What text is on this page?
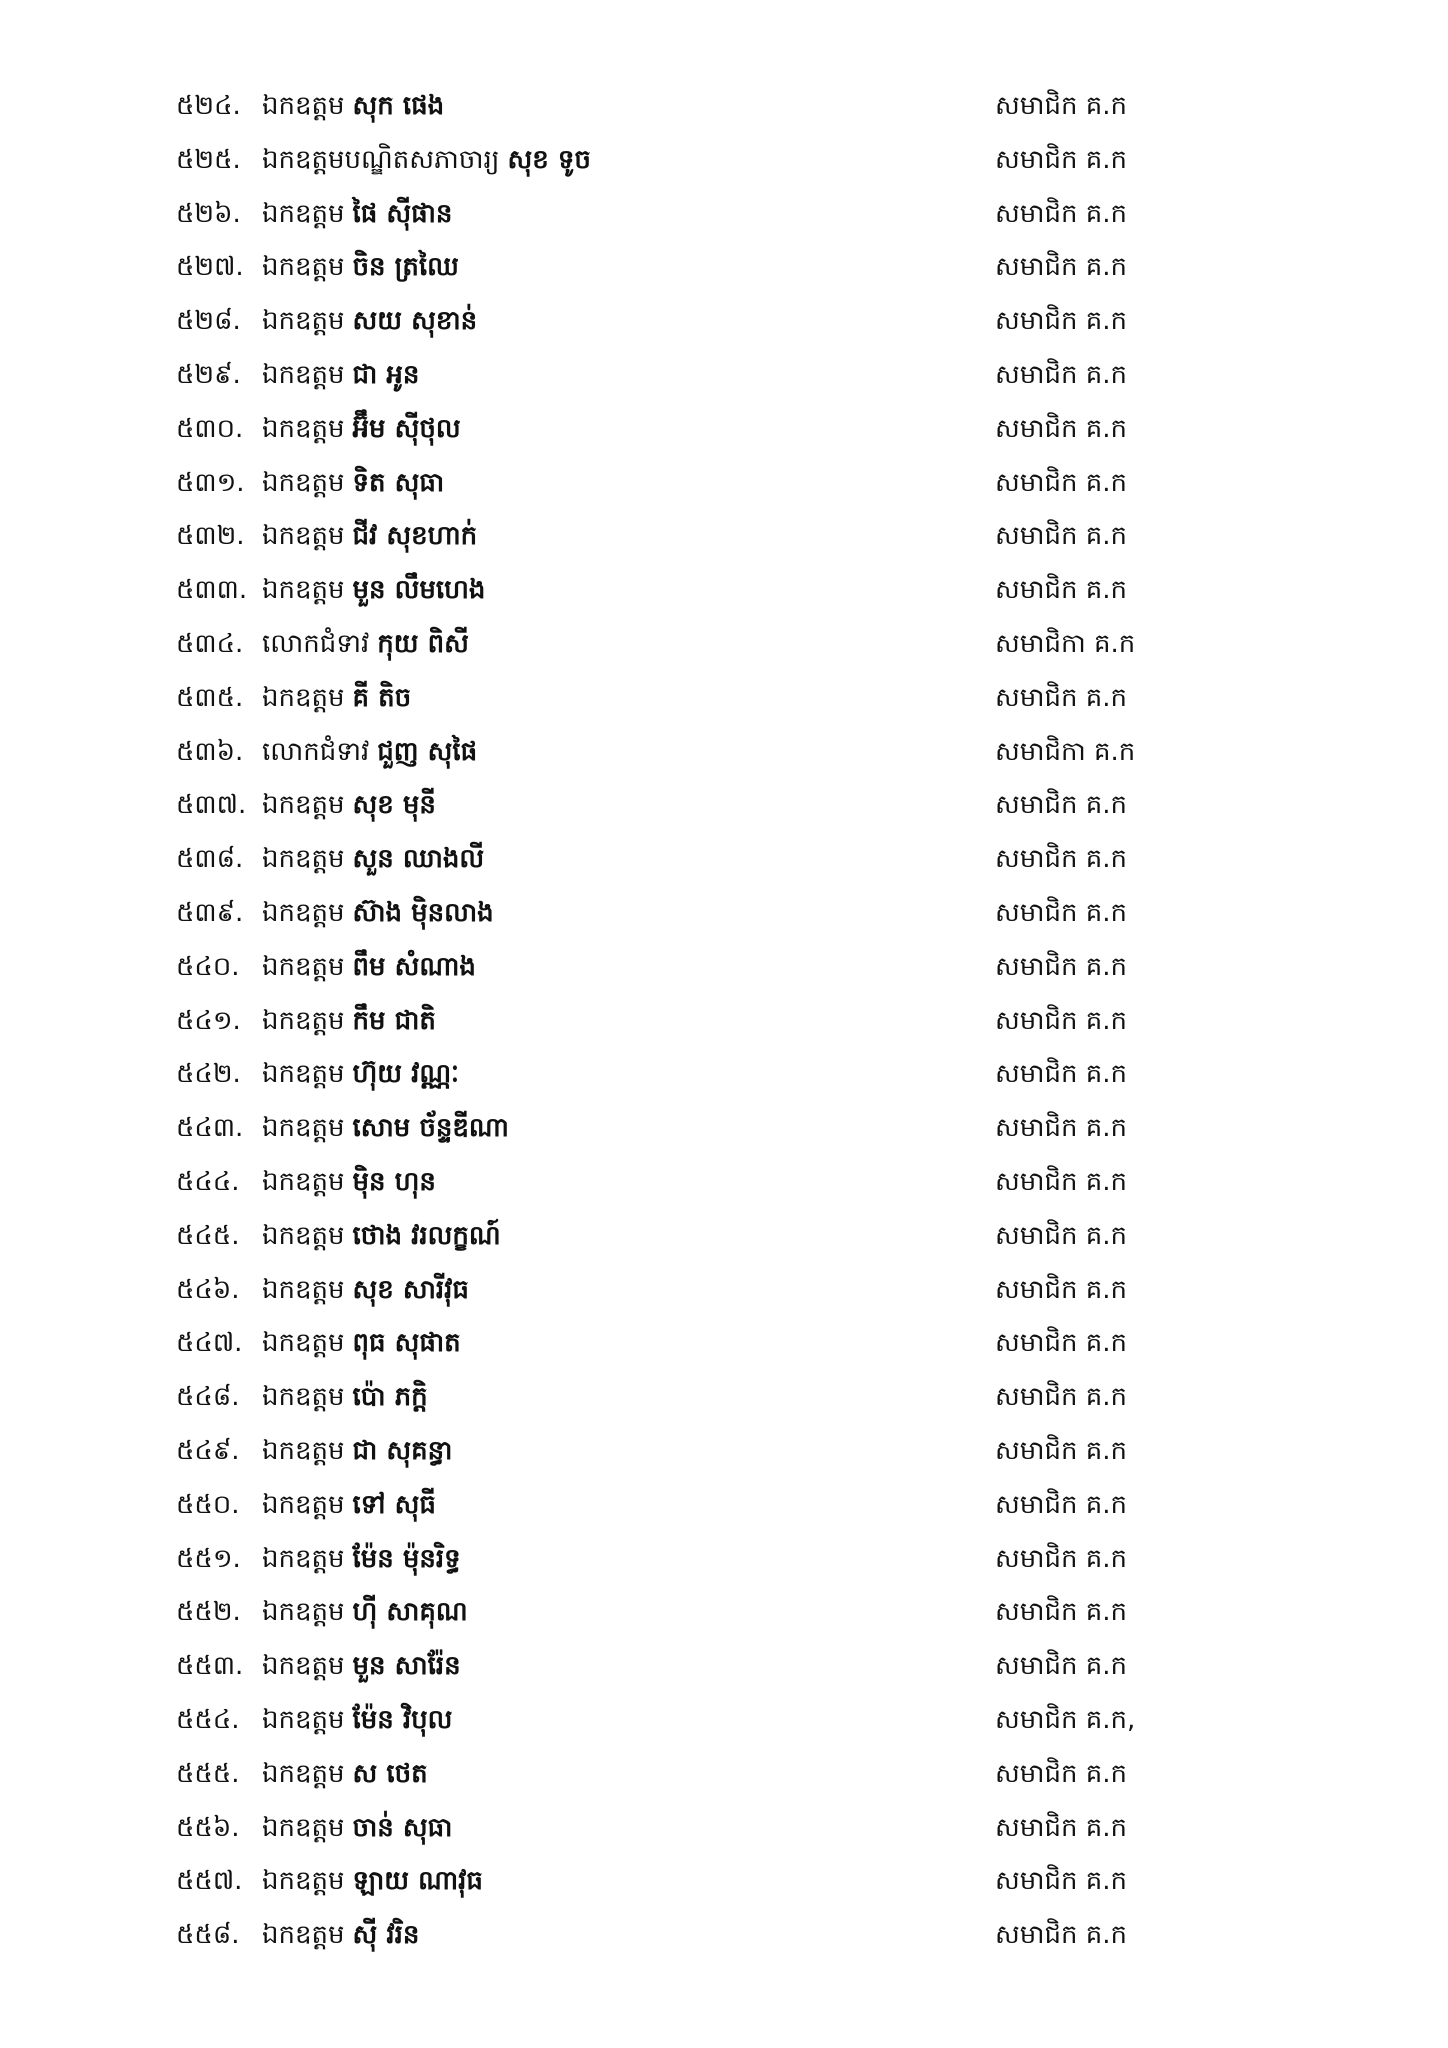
៥២៤. ឯកឧត្តម សុក ផេង	សមាជិក គ.ក
៥២៥. ឯកឧត្តមបណ្ឌិតសភាចារ្យ សុខ ទូច	សមាជិក គ.ក
៥២៦. ឯកឧត្តម ផៃ ស៊ីផាន	សមាជិក គ.ក
៥២៧. ឯកឧត្តម ចិន ត្រឈៃ	សមាជិក គ.ក
៥២៨. ឯកឧត្តម សយ សុខាន់	សមាជិក គ.ក
៥២៩. ឯកឧត្តម ជា អូន	សមាជិក គ.ក
៥៣០. ឯកឧត្តម អ៊ឹម ស៊ីថុល	សមាជិក គ.ក
៥៣១. ឯកឧត្តម ទិត សុធា	សមាជិក គ.ក
៥៣២. ឯកឧត្តម ជីវ សុខហាក់	សមាជិក គ.ក
៥៣៣. ឯកឧត្តម មួន លឹមហេង	សមាជិក គ.ក
៥៣៤. លោកជំទាវ កុយ ពិសី	សមាជិកា គ.ក
៥៣៥. ឯកឧត្តម គី តិច	សមាជិក គ.ក
៥៣៦. លោកជំទាវ ជួញ សុផៃ	សមាជិកា គ.ក
៥៣៧. ឯកឧត្តម សុខ មុនី	សមាជិក គ.ក
៥៣៨. ឯកឧត្តម សួន ឈាងលី	សមាជិក គ.ក
៥៣៩. ឯកឧត្តម ស៊ាង ម៉ិនលាង	សមាជិក គ.ក
៥៤០. ឯកឧត្តម ពឹម សំណាង	សមាជិក គ.ក
៥៤១. ឯកឧត្តម កឹម ជាតិ	សមាជិក គ.ក
៥៤២. ឯកឧត្តម ហ៊ុយ វណ្ណៈ	សមាជិក គ.ក
៥៤៣. ឯកឧត្តម សោម ច័ន្ទឌីណា	សមាជិក គ.ក
៥៤៤. ឯកឧត្តម ម៉ិន ហុន	សមាជិក គ.ក
៥៤៥. ឯកឧត្តម ថោង វរលក្ខណ៍	សមាជិក គ.ក
៥៤៦. ឯកឧត្តម សុខ សារីវុធ	សមាជិក គ.ក
៥៤៧. ឯកឧត្តម ពុធ សុផាត	សមាជិក គ.ក
៥៤៨. ឯកឧត្តម ប៉ោ ភក្តិ	សមាជិក គ.ក
៥៤៩. ឯកឧត្តម ជា សុគន្ធា	សមាជិក គ.ក
៥៥០. ឯកឧត្តម ទៅ សុធី	សមាជិក គ.ក
៥៥១. ឯកឧត្តម ម៉ែន ម៉ុនរិទ្ធ	សមាជិក គ.ក
៥៥២. ឯកឧត្តម ហ៊ី សាគុណ	សមាជិក គ.ក
៥៥៣. ឯកឧត្តម មួន សារ៉ែន	សមាជិក គ.ក
៥៥៤. ឯកឧត្តម ម៉ែន វិបុល	សមាជិក គ.ក,
៥៥៥. ឯកឧត្តម ស ថេត	សមាជិក គ.ក
៥៥៦. ឯកឧត្តម ចាន់ សុធា	សមាជិក គ.ក
៥៥៧. ឯកឧត្តម ឡាយ ណាវុធ	សមាជិក គ.ក
៥៥៨. ឯកឧត្តម ស៊ី វរិន	សមាជិក គ.ក
